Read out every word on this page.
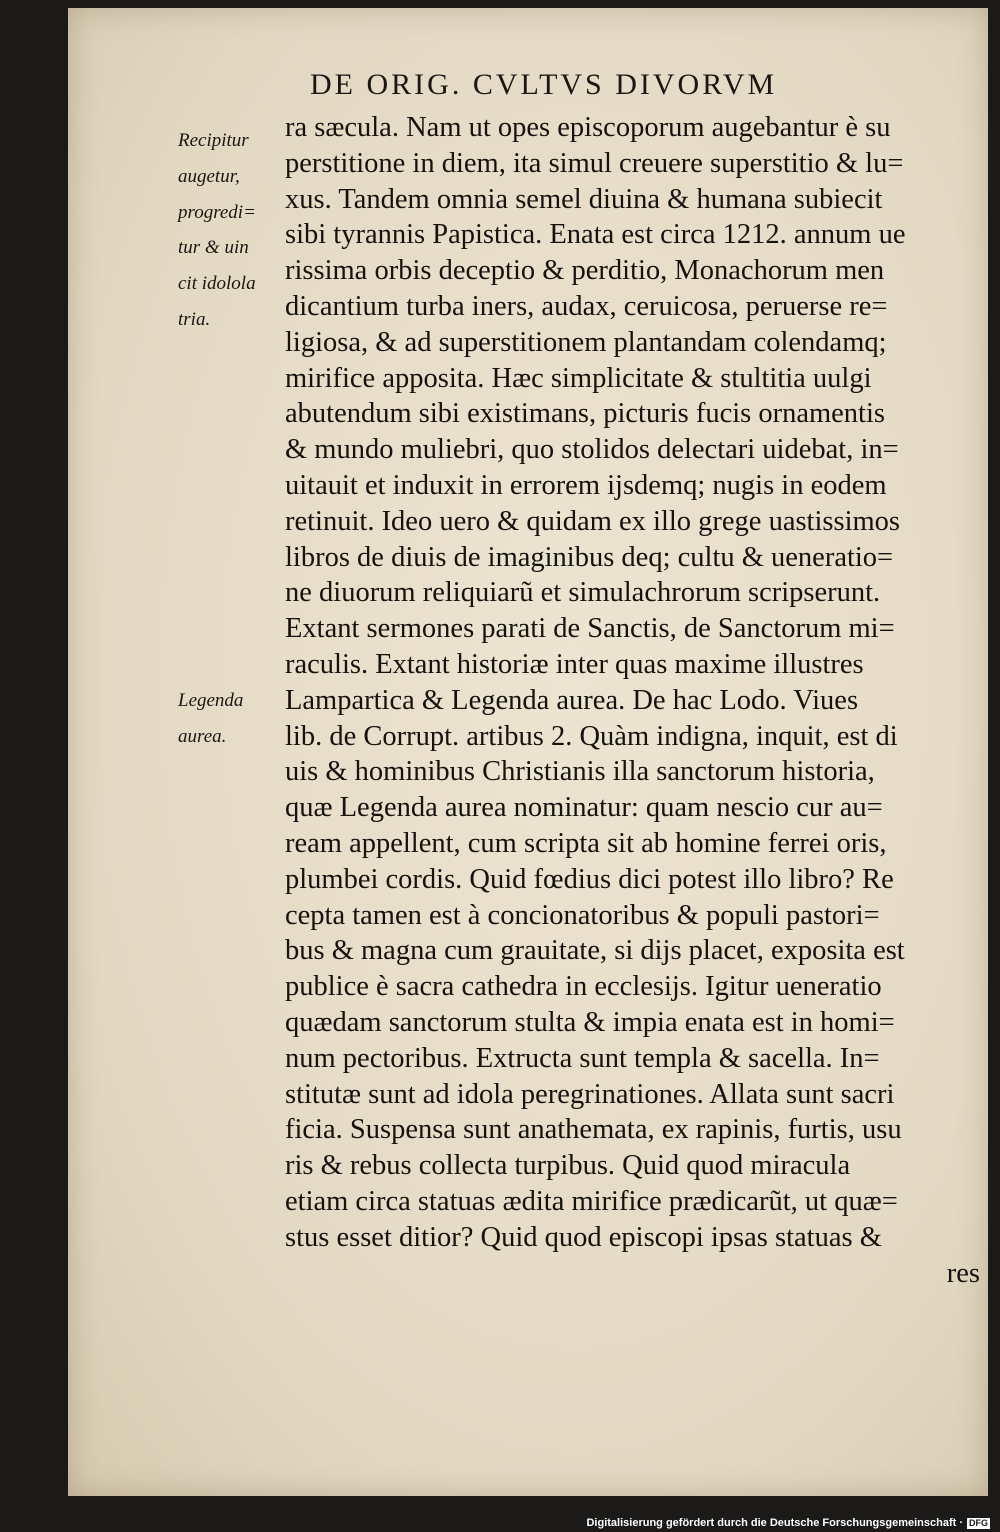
DE ORIG. CVLTVS DIVORVM
Recipitur
augetur,
progredi=
tur & uin
cit idolola
tria.
Legenda
aurea.
ra sæcula. Nam ut opes episcoporum augebantur è su
perstitione in diem, ita simul creuere superstitio & lu=
xus. Tandem omnia semel diuina & humana subiecit
sibi tyrannis Papistica. Enata est circa 1212. annum ue
rissima orbis deceptio & perditio, Monachorum men
dicantium turba iners, audax, ceruicosa, peruerse re=
ligiosa, & ad superstitionem plantandam colendamq;
mirifice apposita. Hæc simplicitate & stultitia uulgi
abutendum sibi existimans, picturis fucis ornamentis
& mundo muliebri, quo stolidos delectari uidebat, in=
uitauit et induxit in errorem ijsdemq; nugis in eodem
retinuit. Ideo uero & quidam ex illo grege uastissimos
libros de diuis de imaginibus deq; cultu & ueneratio=
ne diuorum reliquiarũ et simulachrorum scripserunt.
Extant sermones parati de Sanctis, de Sanctorum mi=
raculis. Extant historiæ inter quas maxime illustres
Lampartica & Legenda aurea. De hac Lodo. Viues
lib. de Corrupt. artibus 2. Quàm indigna, inquit, est di
uis & hominibus Christianis illa sanctorum historia,
quæ Legenda aurea nominatur: quam nescio cur au=
ream appellent, cum scripta sit ab homine ferrei oris,
plumbei cordis. Quid fœdius dici potest illo libro? Re
cepta tamen est à concionatoribus & populi pastori=
bus & magna cum grauitate, si dijs placet, exposita est
publice è sacra cathedra in ecclesijs. Igitur ueneratio
quædam sanctorum stulta & impia enata est in homi=
num pectoribus. Extructa sunt templa & sacella. In=
stitutæ sunt ad idola peregrinationes. Allata sunt sacri
ficia. Suspensa sunt anathemata, ex rapinis, furtis, usu
ris & rebus collecta turpibus. Quid quod miracula
etiam circa statuas ædita mirifice prædicarũt, ut quæ=
stus esset ditior? Quid quod episcopi ipsas statuas &
res
Digitalisierung gefördert durch die Deutsche Forschungsgemeinschaft · DFG
